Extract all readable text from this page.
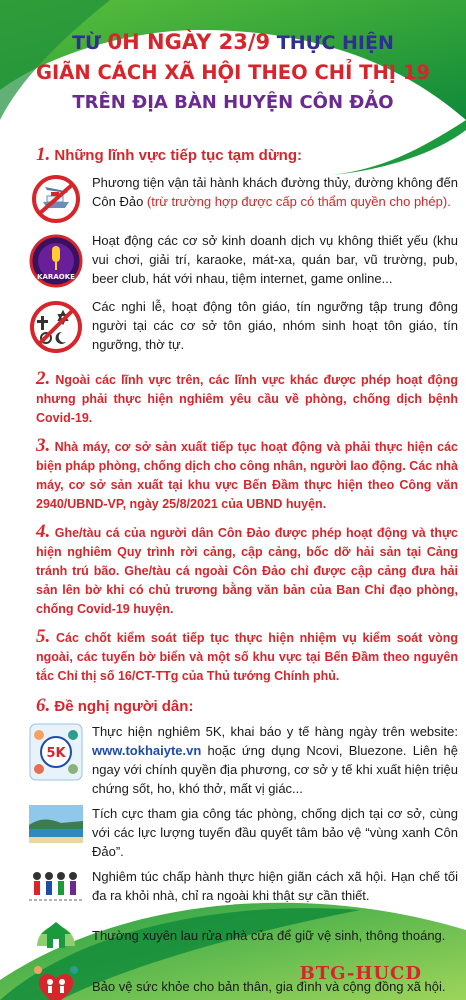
TỪ 0H NGÀY 23/9 THỰC HIỆN
GIÃN CÁCH XÃ HỘI THEO CHỈ THỊ 19
TRÊN ĐỊA BÀN HUYỆN CÔN ĐẢO
1. Những lĩnh vực tiếp tục tạm dừng:
Phương tiện vận tải hành khách đường thủy, đường không đến Côn Đảo (trừ trường hợp được cấp có thẩm quyền cho phép).
KARAOKE
Hoạt động các cơ sở kinh doanh dịch vụ không thiết yếu (khu vui chơi, giải trí, karaoke, mát-xa, quán bar, vũ trường, pub, beer club, hát với nhau, tiệm internet, game online...
Các nghi lễ, hoạt động tôn giáo, tín ngưỡng tập trung đông người tại các cơ sở tôn giáo, nhóm sinh hoạt tôn giáo, tín ngưỡng, thờ tự.
2. Ngoài các lĩnh vực trên, các lĩnh vực khác được phép hoạt động nhưng phải thực hiện nghiêm yêu cầu về phòng, chống dịch bệnh Covid-19.
3. Nhà máy, cơ sở sản xuất tiếp tục hoạt động và phải thực hiện các biện pháp phòng, chống dịch cho công nhân, người lao động. Các nhà máy, cơ sở sản xuất tại khu vực Bến Đầm thực hiện theo Công văn 2940/UBND-VP, ngày 25/8/2021 của UBND huyện.
4. Ghe/tàu cá của người dân Côn Đảo được phép hoạt động và thực hiện nghiêm Quy trình rời cảng, cập cảng, bốc dỡ hải sản tại Cảng tránh trú bão. Ghe/tàu cá ngoài Côn Đảo chỉ được cập cảng đưa hải sản lên bờ khi có chủ trương bằng văn bản của Ban Chỉ đạo phòng, chống Covid-19 huyện.
5. Các chốt kiểm soát tiếp tục thực hiện nhiệm vụ kiểm soát vòng ngoài, các tuyến bờ biển và một số khu vực tại Bến Đầm theo nguyên tắc Chỉ thị số 16/CT-TTg của Thủ tướng Chính phủ.
6. Đề nghị người dân:
5K
Thực hiện nghiêm 5K, khai báo y tế hàng ngày trên website: www.tokhaiyte.vn hoặc ứng dụng Ncovi, Bluezone. Liên hệ ngay với chính quyền địa phương, cơ sở y tế khi xuất hiện triệu chứng sốt, ho, khó thở, mất vị giác...
Tích cực tham gia công tác phòng, chống dịch tại cơ sở, cùng với các lực lượng tuyến đầu quyết tâm bảo vệ “vùng xanh Côn Đảo”.
Nghiêm túc chấp hành thực hiện giãn cách xã hội. Hạn chế tối đa ra khỏi nhà, chỉ ra ngoài khi thật sự cần thiết.
Thường xuyên lau rửa nhà cửa để giữ vệ sinh, thông thoáng.
Bảo vệ sức khỏe cho bản thân, gia đình và cộng đồng xã hội.
BTG-HUCD
